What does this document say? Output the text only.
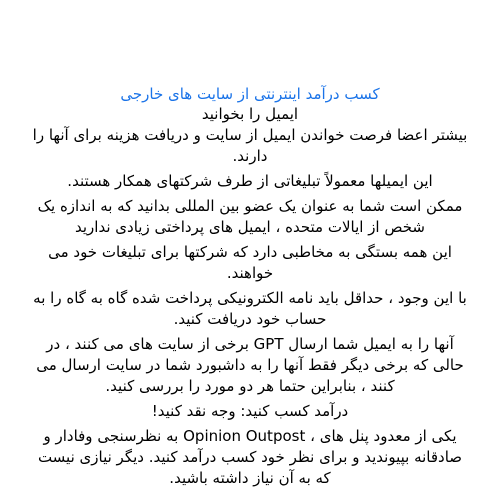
کسب درآمد اینترنتی از سایت های خارجی

ایمیل را بخوانید

بیشتر اعضا فرصت خواندن ایمیل از سایت و دریافت هزینه برای آنها را دارند.

این ایمیلها معمولاً تبلیغاتی از طرف شرکتهای همکار هستند.

ممکن است شما به عنوان یک عضو بین المللی بدانید که به اندازه یک شخص از ایالات متحده ، ایمیل های پرداختی زیادی ندارید

این همه بستگی به مخاطبی دارد که شرکتها برای تبلیغات خود می خواهند.

با این وجود ، حداقل باید نامه الکترونیکی پرداخت شده گاه به گاه را به حساب خود دریافت کنید.

آنها را به ایمیل شما ارسال GPT برخی از سایت های می کنند ، در حالی که برخی دیگر فقط آنها را به داشبورد شما در سایت ارسال می کنند ، بنابراین حتما هر دو مورد را بررسی کنید.

درآمد کسب کنید: وجه نقد کنید!

یکی از معدود پنل های ، Opinion Outpost به نظرسنجی وفادار و صادقانه بپیوندید و برای نظر خود کسب درآمد کنید. دیگر نیازی نیست که به آن نیاز داشته باشید.
